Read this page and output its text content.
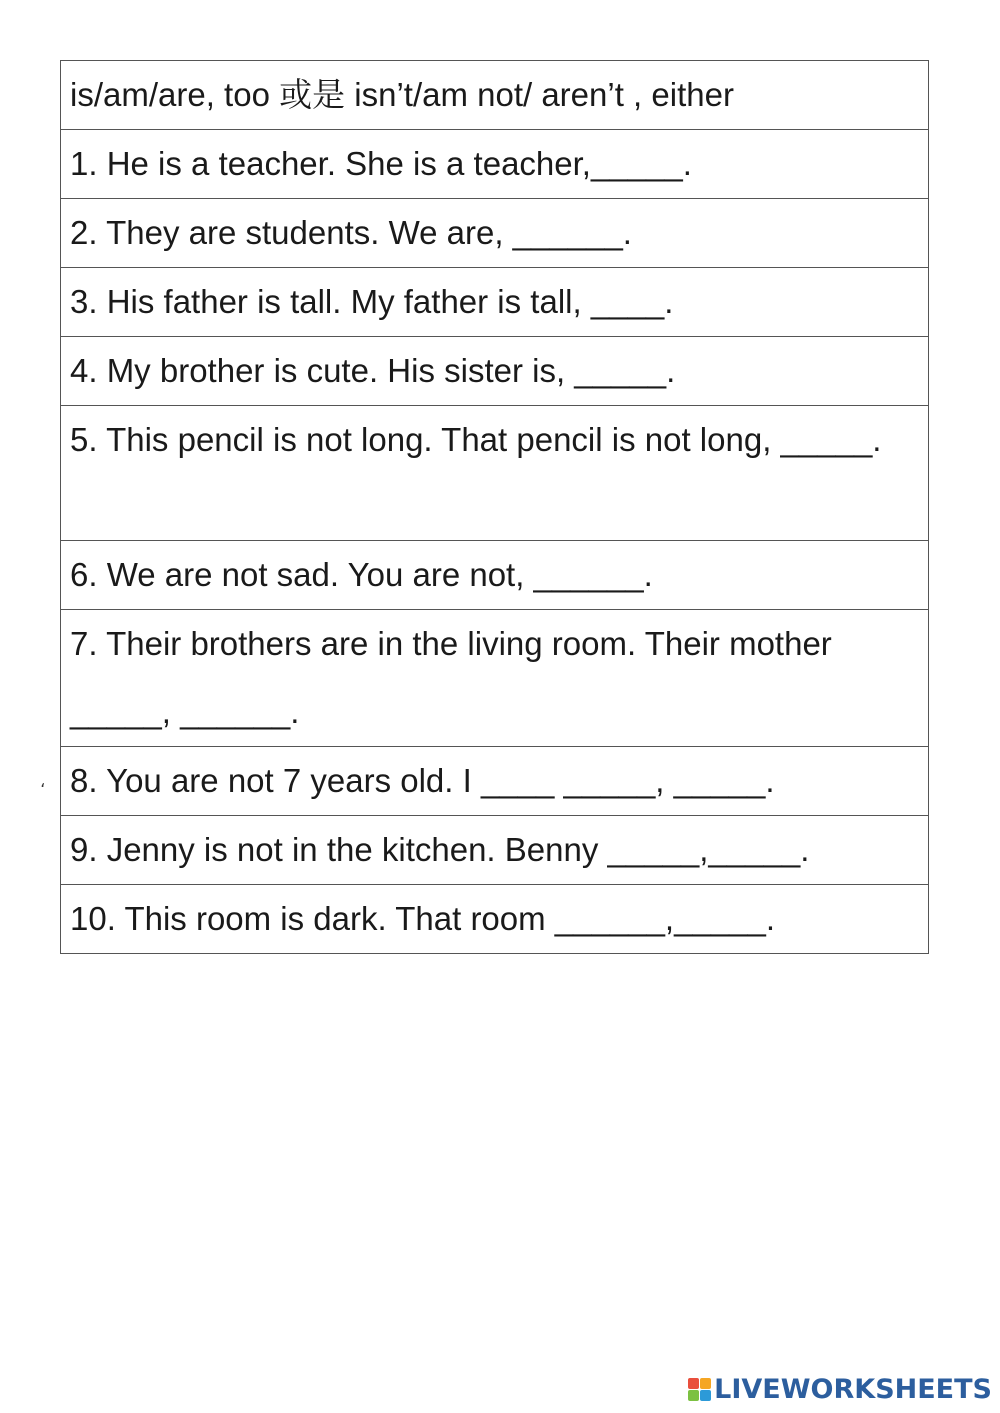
is/am/are, too 或是 isn’t/am not/ aren’t , either
1. He is a teacher. She is a teacher,_____.
2. They are students. We are, ______.
3. His father is tall. My father is tall, ____.
4. My brother is cute. His sister is, _____.
5. This pencil is not long. That pencil is not long, _____.
6. We are not sad. You are not, ______.
7. Their brothers are in the living room. Their mother _____, ______.
8. You are not 7 years old. I ____ _____, _____.
9. Jenny is not in the kitchen. Benny _____,_____.
10. This room is dark. That room ______,_____.
،
LIVEWORKSHEETS
